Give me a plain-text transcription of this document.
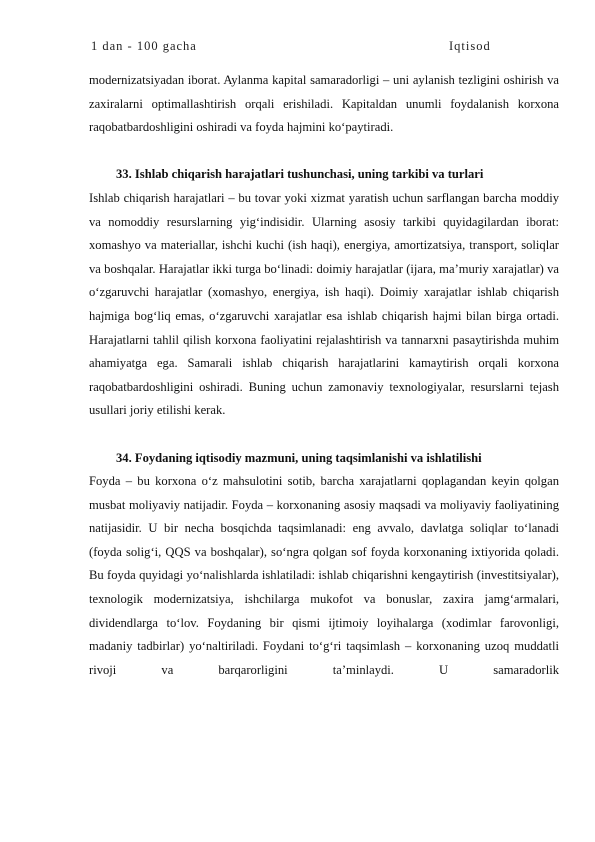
1 dan - 100 gacha	Iqtisod

modernizatsiyadan iborat. Aylanma kapital samaradorligi – uni aylanish tezligini oshirish va zaxiralarni optimallashtirish orqali erishiladi. Kapitaldan unumli foydalanish korxona raqobatbardoshligini oshiradi va foyda hajmini koʻpaytiradi.

33. Ishlab chiqarish harajatlari tushunchasi, uning tarkibi va turlari

Ishlab chiqarish harajatlari – bu tovar yoki xizmat yaratish uchun sarflangan barcha moddiy va nomoddiy resurslarning yigʻindisidir. Ularning asosiy tarkibi quyidagilardan iborat: xomashyo va materiallar, ishchi kuchi (ish haqi), energiya, amortizatsiya, transport, soliqlar va boshqalar. Harajatlar ikki turga boʻlinadi: doimiy harajatlar (ijara, maʼmuriy xarajatlar) va oʻzgaruvchi harajatlar (xomashyo, energiya, ish haqi). Doimiy xarajatlar ishlab chiqarish hajmiga bogʻliq emas, oʻzgaruvchi xarajatlar esa ishlab chiqarish hajmi bilan birga ortadi. Harajatlarni tahlil qilish korxona faoliyatini rejalashtirish va tannarxni pasaytirishda muhim ahamiyatga ega. Samarali ishlab chiqarish harajatlarini kamaytirish orqali korxona raqobatbardoshligini oshiradi. Buning uchun zamonaviy texnologiyalar, resurslarni tejash usullari joriy etilishi kerak.

34. Foydaning iqtisodiy mazmuni, uning taqsimlanishi va ishlatilishi

Foyda – bu korxona oʻz mahsulotini sotib, barcha xarajatlarni qoplagandan keyin qolgan musbat moliyaviy natijadir. Foyda – korxonaning asosiy maqsadi va moliyaviy faoliyatining natijasidir. U bir necha bosqichda taqsimlanadi: eng avvalo, davlatga soliqlar toʻlanadi (foyda soligʻi, QQS va boshqalar), soʻngra qolgan sof foyda korxonaning ixtiyorida qoladi. Bu foyda quyidagi yoʻnalishlarda ishlatiladi: ishlab chiqarishni kengaytirish (investitsiyalar), texnologik modernizatsiya, ishchilarga mukofot va bonuslar, zaxira jamgʻarmalari, dividendlarga toʻlov. Foydaning bir qismi ijtimoiy loyihalarga (xodimlar farovonligi, madaniy tadbirlar) yoʻnaltiriladi. Foydani toʻgʻri taqsimlash – korxonaning uzoq muddatli rivoji va barqarorligini taʼminlaydi. U samaradorlik
